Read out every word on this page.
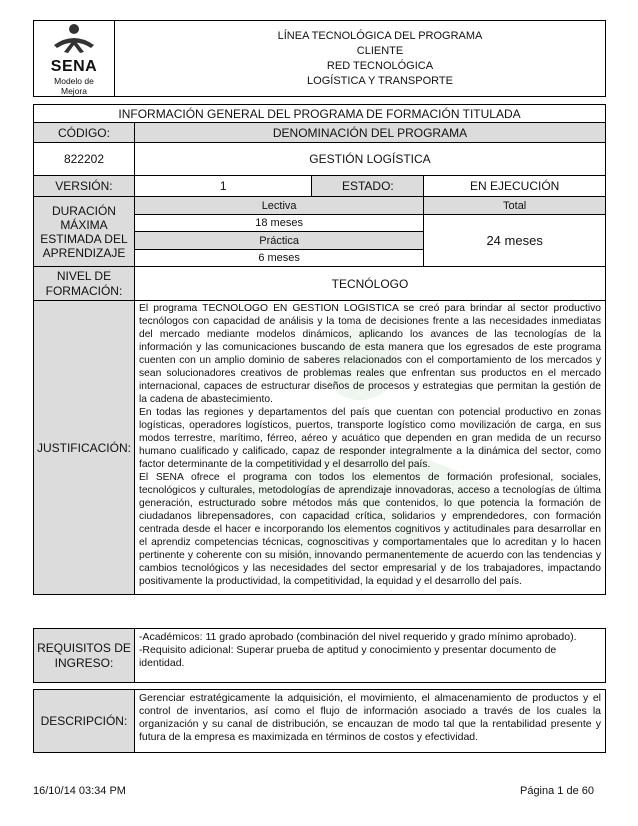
SENA
Modelo de
Mejora

LÍNEA TECNOLÓGICA DEL PROGRAMA
CLIENTE
RED TECNOLÓGICA
LOGÍSTICA Y TRANSPORTE
INFORMACIÓN GENERAL DEL PROGRAMA DE FORMACIÓN TITULADA			
CÓDIGO:	DENOMINACIÓN DEL PROGRAMA		
822202	GESTIÓN LOGÍSTICA		
VERSIÓN:	1	ESTADO:	EN EJECUCIÓN
DURACIÓN MÁXIMA ESTIMADA DEL APRENDIZAJE	Lectiva		Total
	18 meses		24 meses
	Práctica		
	6 meses		
NIVEL DE FORMACIÓN:	TECNÓLOGO		
JUSTIFICACIÓN:	El programa TECNOLOGO EN GESTION LOGISTICA se creó para brindar al sector productivo tecnólogos con capacidad de análisis y la toma de decisiones frente a las necesidades inmediatas del mercado mediante modelos dinámicos, aplicando los avances de las tecnologías de la información y las comunicaciones buscando de esta manera que los egresados de este programa cuenten con un amplio dominio de saberes relacionados con el comportamiento de los mercados y sean solucionadores creativos de problemas reales que enfrentan sus productos en el mercado internacional, capaces de estructurar diseños de procesos y estrategias que permitan la gestión de la cadena de abastecimiento.
En todas las regiones y departamentos del país que cuentan con potencial productivo en zonas logísticas, operadores logísticos, puertos, transporte logístico como movilización de carga, en sus modos terrestre, marítimo, férreo, aéreo y acuático que dependen en gran medida de un recurso humano cualificado y calificado, capaz de responder integralmente a la dinámica del sector, como factor determinante de la competitividad y el desarrollo del país.
El SENA ofrece el programa con todos los elementos de formación profesional, sociales, tecnológicos y culturales, metodologías de aprendizaje innovadoras, acceso a tecnologías de última generación, estructurado sobre métodos más que contenidos, lo que potencia la formación de ciudadanos librepensadores, con capacidad crítica, solidarios y emprendedores, con formación centrada desde el hacer e incorporando los elementos cognitivos y actitudinales para desarrollar en el aprendiz competencias técnicas, cognoscitivas y comportamentales que lo acreditan y lo hacen pertinente y coherente con su misión, innovando permanentemente de acuerdo con las tendencias y cambios tecnológicos y las necesidades del sector empresarial y de los trabajadores, impactando positivamente la productividad, la competitividad, la equidad y el desarrollo del país.		
REQUISITOS DE INGRESO:	
-Académicos: 11 grado aprobado (combinación del nivel requerido y grado mínimo aprobado).
-Requisito adicional: Superar prueba de aptitud y conocimiento y presentar documento de identidad.
DESCRIPCIÓN:	Gerenciar estratégicamente la adquisición, el movimiento, el almacenamiento de productos y el control de inventarios, así como el flujo de información asociado a través de los cuales la organización y su canal de distribución, se encauzan de modo tal que la rentabilidad presente y futura de la empresa es maximizada en términos de costos y efectividad.
16/10/14 03:34 PM	Página 1 de 60
